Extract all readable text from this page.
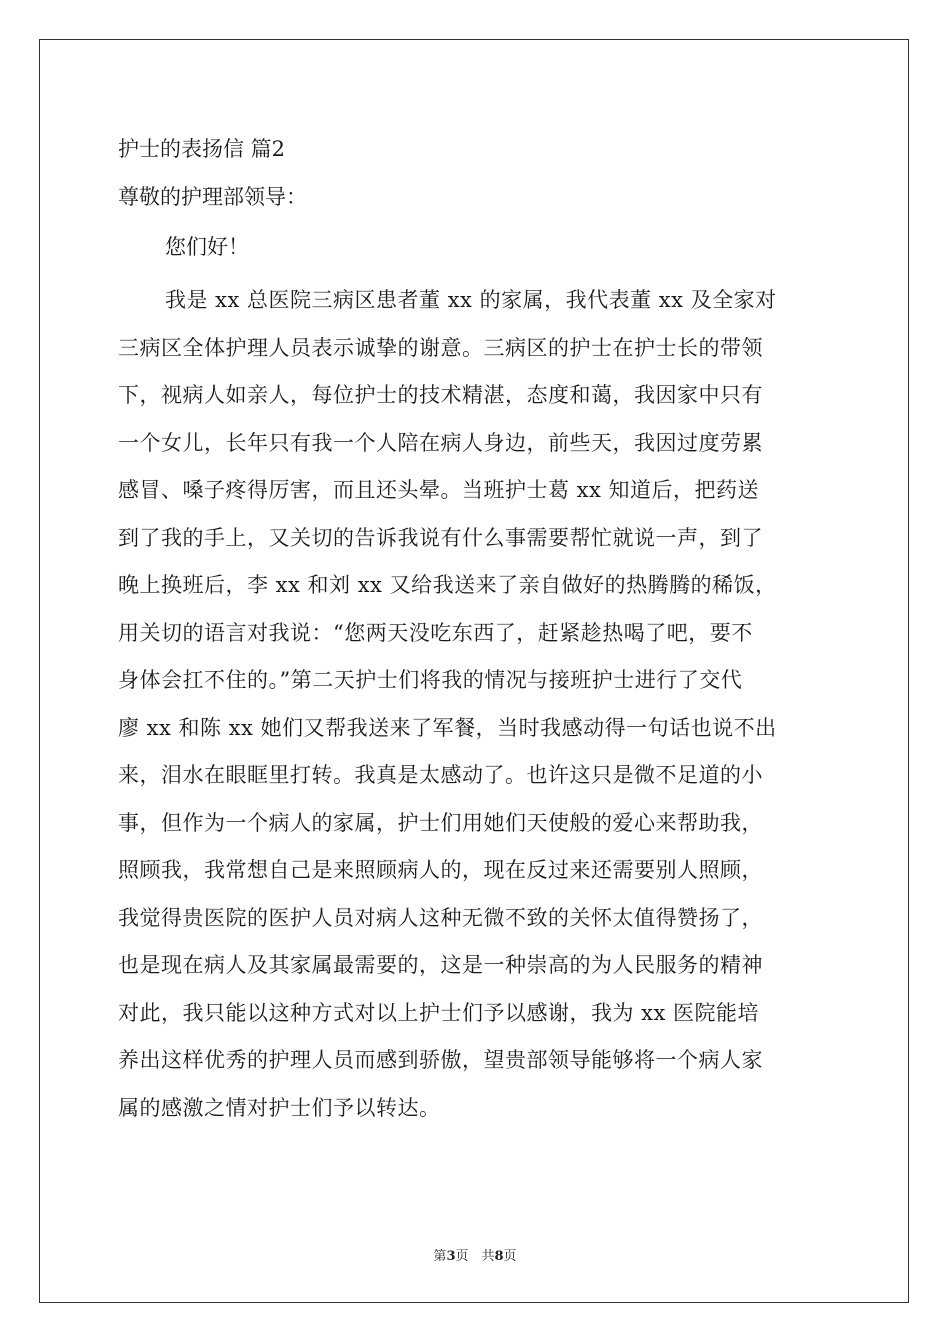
护士的表扬信 篇2
尊敬的护理部领导：
您们好！
我是 xx 总医院三病区患者董 xx 的家属，我代表董 xx 及全家对
三病区全体护理人员表示诚挚的谢意。三病区的护士在护士长的带领
下，视病人如亲人，每位护士的技术精湛，态度和蔼，我因家中只有
一个女儿，长年只有我一个人陪在病人身边，前些天，我因过度劳累
感冒、嗓子疼得厉害，而且还头晕。当班护士葛 xx 知道后，把药送
到了我的手上，又关切的告诉我说有什么事需要帮忙就说一声，到了
晚上换班后，李 xx 和刘 xx 又给我送来了亲自做好的热腾腾的稀饭，
用关切的语言对我说：“您两天没吃东西了，赶紧趁热喝了吧，要不
身体会扛不住的。”第二天护士们将我的情况与接班护士进行了交代
廖 xx 和陈 xx 她们又帮我送来了军餐，当时我感动得一句话也说不出
来，泪水在眼眶里打转。我真是太感动了。也许这只是微不足道的小
事，但作为一个病人的家属，护士们用她们天使般的爱心来帮助我，
照顾我，我常想自己是来照顾病人的，现在反过来还需要别人照顾，
我觉得贵医院的医护人员对病人这种无微不致的关怀太值得赞扬了，
也是现在病人及其家属最需要的，这是一种崇高的为人民服务的精神
对此，我只能以这种方式对以上护士们予以感谢，我为 xx 医院能培
养出这样优秀的护理人员而感到骄傲，望贵部领导能够将一个病人家
属的感激之情对护士们予以转达。
第3页　共8页
